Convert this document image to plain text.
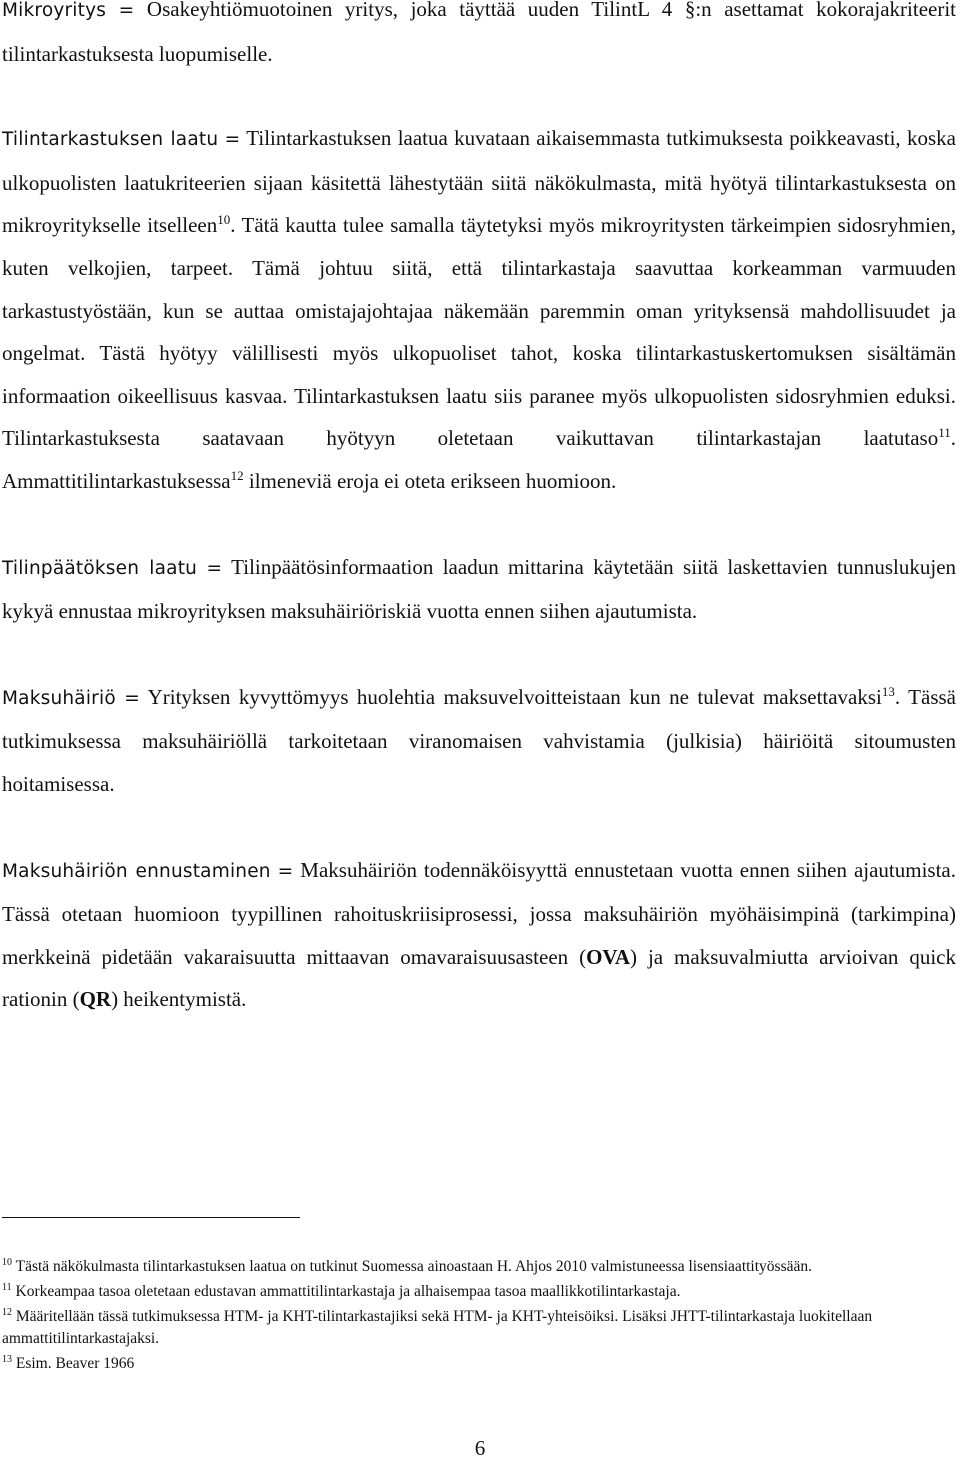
Mikroyritys = Osakeyhtiömuotoinen yritys, joka täyttää uuden TilintL 4 §:n asettamat kokorajakriteerit tilintarkastuksesta luopumiselle.

Tilintarkastuksen laatu = Tilintarkastuksen laatua kuvataan aikaisemmasta tutkimuksesta poikkeavasti, koska ulkopuolisten laatukriteerien sijaan käsitettä lähestytään siitä näkökulmasta, mitä hyötyä tilintarkastuksesta on mikroyritykselle itselleen$^{10}$. Tätä kautta tulee samalla täytetyksi myös mikroyritysten tärkeimpien sidosryhmien, kuten velkojien, tarpeet. Tämä johtuu siitä, että tilintarkastaja saavuttaa korkeamman varmuuden tarkastustyöstään, kun se auttaa omistajajohtajaa näkemään paremmin oman yrityksensä mahdollisuudet ja ongelmat. Tästä hyötyy välillisesti myös ulkopuoliset tahot, koska tilintarkastuskertomuksen sisältämän informaation oikeellisuus kasvaa. Tilintarkastuksen laatu siis paranee myös ulkopuolisten sidosryhmien eduksi. Tilintarkastuksesta saatavaan hyötyyn oletetaan vaikuttavan tilintarkastajan laatutaso$^{11}$. Ammattitilintarkastuksessa$^{12}$ ilmeneviä eroja ei oteta erikseen huomioon.

Tilinpäätöksen laatu = Tilinpäätösinformaation laadun mittarina käytetään siitä laskettavien tunnuslukujen kykyä ennustaa mikroyrityksen maksuhäiriöriskiä vuotta ennen siihen ajautumista.

Maksuhäiriö = Yrityksen kyvyttömyys huolehtia maksuvelvoitteistaan kun ne tulevat maksettavaksi$^{13}$. Tässä tutkimuksessa maksuhäiriöllä tarkoitetaan viranomaisen vahvistamia (julkisia) häiriöitä sitoumusten hoitamisessa.

Maksuhäiriön ennustaminen = Maksuhäiriön todennäköisyyttä ennustetaan vuotta ennen siihen ajautumista. Tässä otetaan huomioon tyypillinen rahoituskriisiprosessi, jossa maksuhäiriön myöhäisimpinä (tarkimpina) merkkeinä pidetään vakaraisuutta mittaavan omavaraisuusasteen (OVA) ja maksuvalmiutta arvioivan quick rationin (QR) heikentymistä.

$^{10}$ Tästä näkökulmasta tilintarkastuksen laatua on tutkinut Suomessa ainoastaan H. Ahjos 2010 valmistuneessa lisensiaattityössään.

$^{11}$ Korkeampaa tasoa oletetaan edustavan ammattitilintarkastaja ja alhaisempaa tasoa maallikkotilintarkastaja.

$^{12}$ Määritellään tässä tutkimuksessa HTM- ja KHT-tilintarkastajiksi sekä HTM- ja KHT-yhteisöiksi. Lisäksi JHTT-tilintarkastaja luokitellaan ammattitilintarkastajaksi.

$^{13}$ Esim. Beaver 1966

6
